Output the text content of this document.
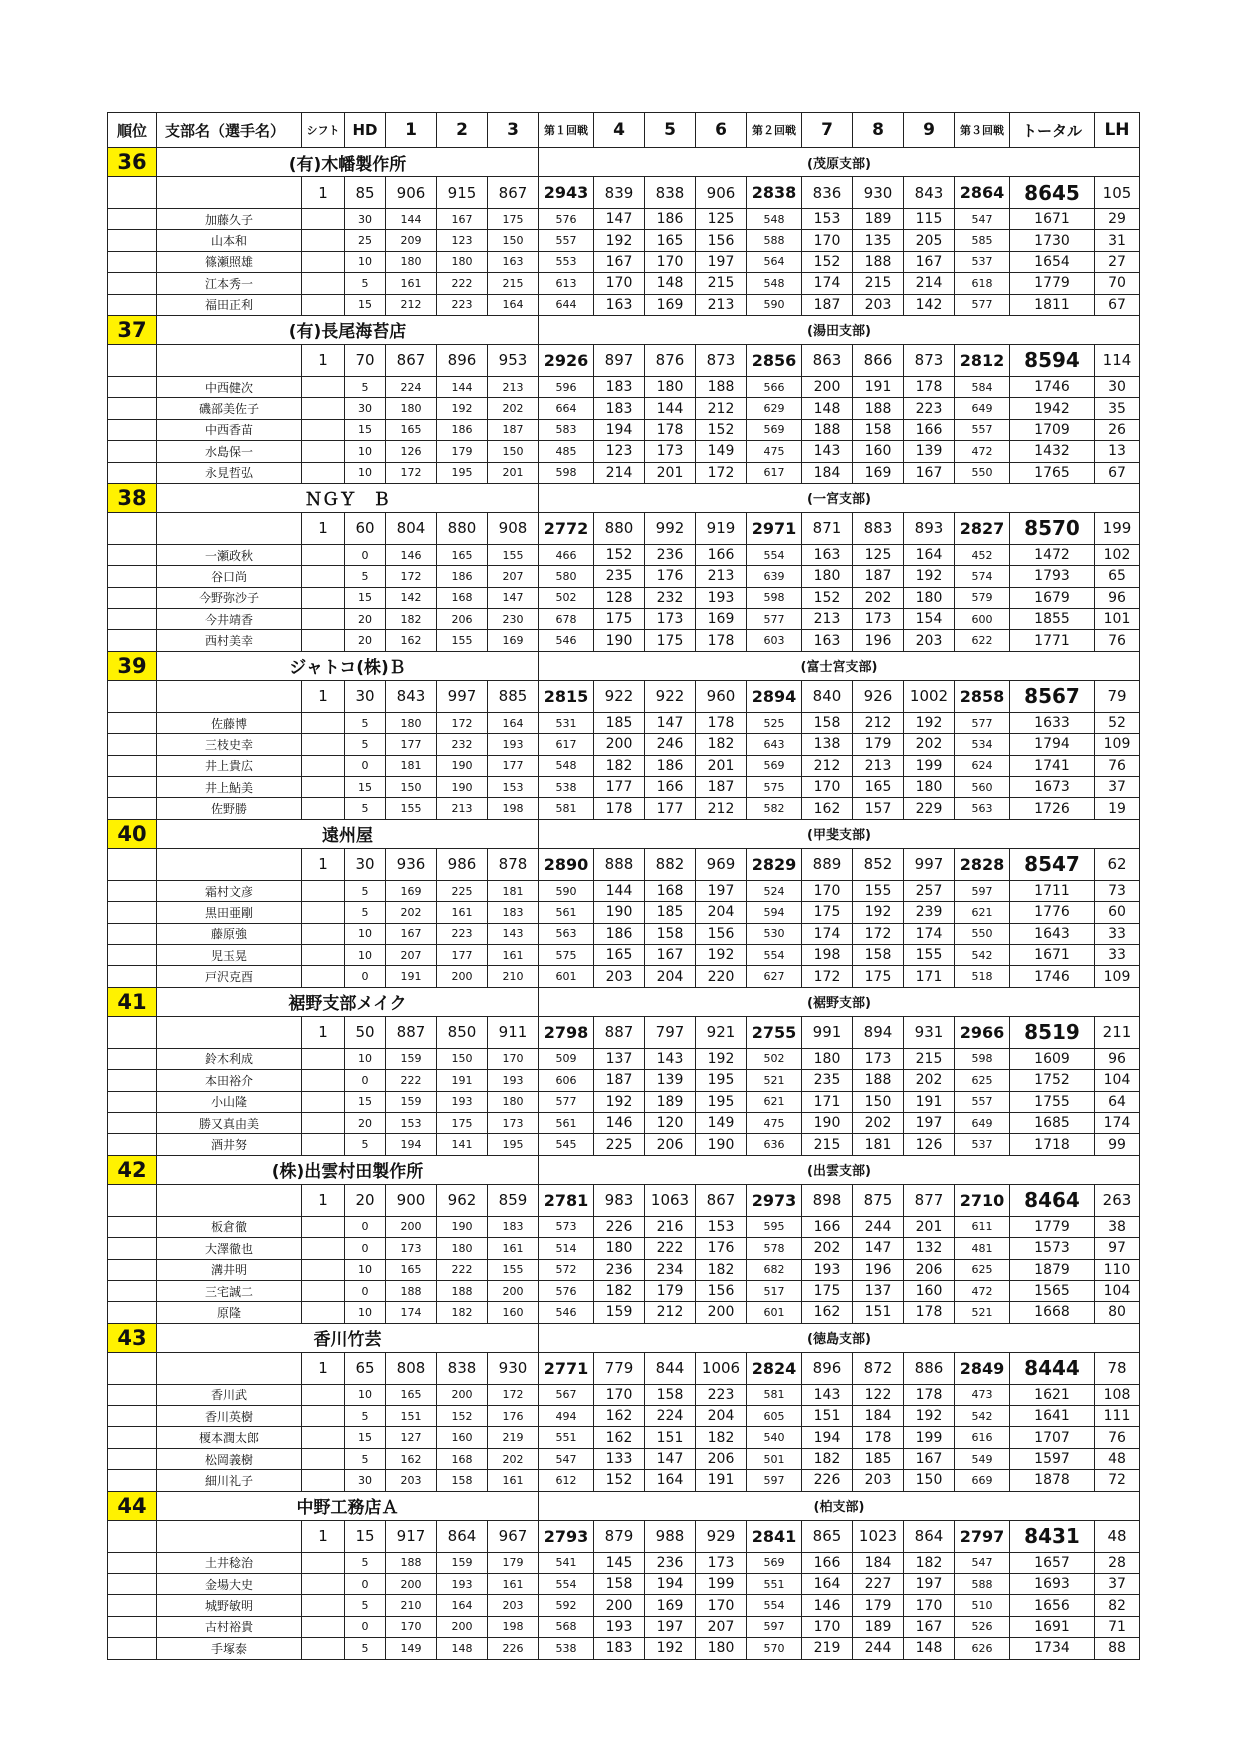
順位	支部名（選手名）	シフト	HD	1	2	3	第１回戦	4	5	6	第２回戦	7	8	9	第３回戦	トータル	LH
36	(有)木幡製作所						(茂原支部)										
		1	85	906	915	867	2943	839	838	906	2838	836	930	843	2864	8645	105
	加藤久子		30	144	167	175	576	147	186	125	548	153	189	115	547	1671	29
	山本和		25	209	123	150	557	192	165	156	588	170	135	205	585	1730	31
	篠瀬照雄		10	180	180	163	553	167	170	197	564	152	188	167	537	1654	27
	江本秀一		5	161	222	215	613	170	148	215	548	174	215	214	618	1779	70
	福田正利		15	212	223	164	644	163	169	213	590	187	203	142	577	1811	67
37	(有)長尾海苔店						(湯田支部)										
		1	70	867	896	953	2926	897	876	873	2856	863	866	873	2812	8594	114
	中西健次		5	224	144	213	596	183	180	188	566	200	191	178	584	1746	30
	磯部美佐子		30	180	192	202	664	183	144	212	629	148	188	223	649	1942	35
	中西香苗		15	165	186	187	583	194	178	152	569	188	158	166	557	1709	26
	水島保一		10	126	179	150	485	123	173	149	475	143	160	139	472	1432	13
	永見哲弘		10	172	195	201	598	214	201	172	617	184	169	167	550	1765	67
38	ＮＧＹ　Ｂ						(一宮支部)										
		1	60	804	880	908	2772	880	992	919	2971	871	883	893	2827	8570	199
	一瀬政秋		0	146	165	155	466	152	236	166	554	163	125	164	452	1472	102
	谷口尚		5	172	186	207	580	235	176	213	639	180	187	192	574	1793	65
	今野弥沙子		15	142	168	147	502	128	232	193	598	152	202	180	579	1679	96
	今井靖香		20	182	206	230	678	175	173	169	577	213	173	154	600	1855	101
	西村美幸		20	162	155	169	546	190	175	178	603	163	196	203	622	1771	76
39	ジャトコ(株)Ｂ						(富士宮支部)										
		1	30	843	997	885	2815	922	922	960	2894	840	926	1002	2858	8567	79
	佐藤博		5	180	172	164	531	185	147	178	525	158	212	192	577	1633	52
	三枝史幸		5	177	232	193	617	200	246	182	643	138	179	202	534	1794	109
	井上貴広		0	181	190	177	548	182	186	201	569	212	213	199	624	1741	76
	井上鮎美		15	150	190	153	538	177	166	187	575	170	165	180	560	1673	37
	佐野勝		5	155	213	198	581	178	177	212	582	162	157	229	563	1726	19
40	遠州屋						(甲斐支部)										
		1	30	936	986	878	2890	888	882	969	2829	889	852	997	2828	8547	62
	霜村文彦		5	169	225	181	590	144	168	197	524	170	155	257	597	1711	73
	黒田亜剛		5	202	161	183	561	190	185	204	594	175	192	239	621	1776	60
	藤原強		10	167	223	143	563	186	158	156	530	174	172	174	550	1643	33
	児玉晃		10	207	177	161	575	165	167	192	554	198	158	155	542	1671	33
	戸沢克酉		0	191	200	210	601	203	204	220	627	172	175	171	518	1746	109
41	裾野支部メイク						(裾野支部)										
		1	50	887	850	911	2798	887	797	921	2755	991	894	931	2966	8519	211
	鈴木利成		10	159	150	170	509	137	143	192	502	180	173	215	598	1609	96
	本田裕介		0	222	191	193	606	187	139	195	521	235	188	202	625	1752	104
	小山隆		15	159	193	180	577	192	189	195	621	171	150	191	557	1755	64
	勝又真由美		20	153	175	173	561	146	120	149	475	190	202	197	649	1685	174
	酒井努		5	194	141	195	545	225	206	190	636	215	181	126	537	1718	99
42	(株)出雲村田製作所						(出雲支部)										
		1	20	900	962	859	2781	983	1063	867	2973	898	875	877	2710	8464	263
	板倉徹		0	200	190	183	573	226	216	153	595	166	244	201	611	1779	38
	大澤徹也		0	173	180	161	514	180	222	176	578	202	147	132	481	1573	97
	溝井明		10	165	222	155	572	236	234	182	682	193	196	206	625	1879	110
	三宅誠二		0	188	188	200	576	182	179	156	517	175	137	160	472	1565	104
	原隆		10	174	182	160	546	159	212	200	601	162	151	178	521	1668	80
43	香川竹芸						(徳島支部)										
		1	65	808	838	930	2771	779	844	1006	2824	896	872	886	2849	8444	78
	香川武		10	165	200	172	567	170	158	223	581	143	122	178	473	1621	108
	香川英樹		5	151	152	176	494	162	224	204	605	151	184	192	542	1641	111
	榎本潤太郎		15	127	160	219	551	162	151	182	540	194	178	199	616	1707	76
	松岡義樹		5	162	168	202	547	133	147	206	501	182	185	167	549	1597	48
	細川礼子		30	203	158	161	612	152	164	191	597	226	203	150	669	1878	72
44	中野工務店Ａ						(柏支部)										
		1	15	917	864	967	2793	879	988	929	2841	865	1023	864	2797	8431	48
	土井稔治		5	188	159	179	541	145	236	173	569	166	184	182	547	1657	28
	金場大史		0	200	193	161	554	158	194	199	551	164	227	197	588	1693	37
	城野敏明		5	210	164	203	592	200	169	170	554	146	179	170	510	1656	82
	古村裕貴		0	170	200	198	568	193	197	207	597	170	189	167	526	1691	71
	手塚泰		5	149	148	226	538	183	192	180	570	219	244	148	626	1734	88
